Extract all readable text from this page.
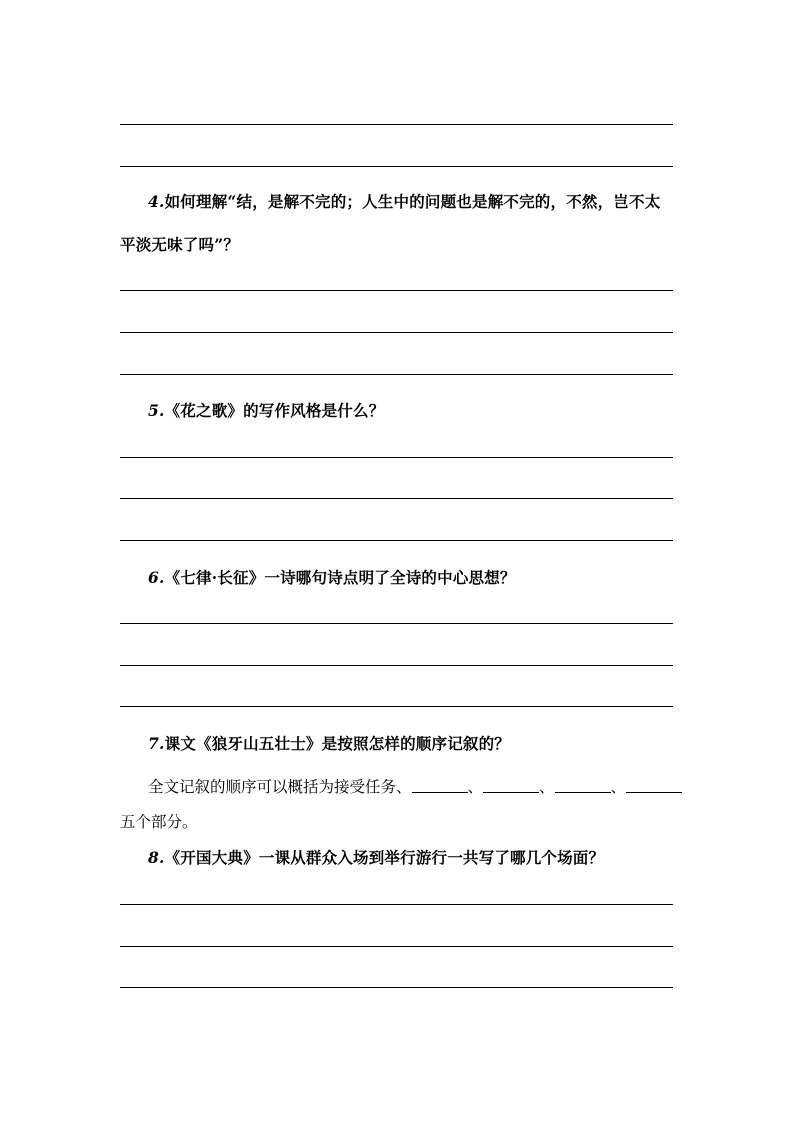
4.如何理解“结，是解不完的；人生中的问题也是解不完的，不然，岂不太
平淡无味了吗”？
5.《花之歌》的写作风格是什么？
6.《七律·长征》一诗哪句诗点明了全诗的中心思想？
7.课文《狼牙山五壮士》是按照怎样的顺序记叙的？
全文记叙的顺序可以概括为接受任务、	、	、	、
五个部分。
8.《开国大典》一课从群众入场到举行游行一共写了哪几个场面？
